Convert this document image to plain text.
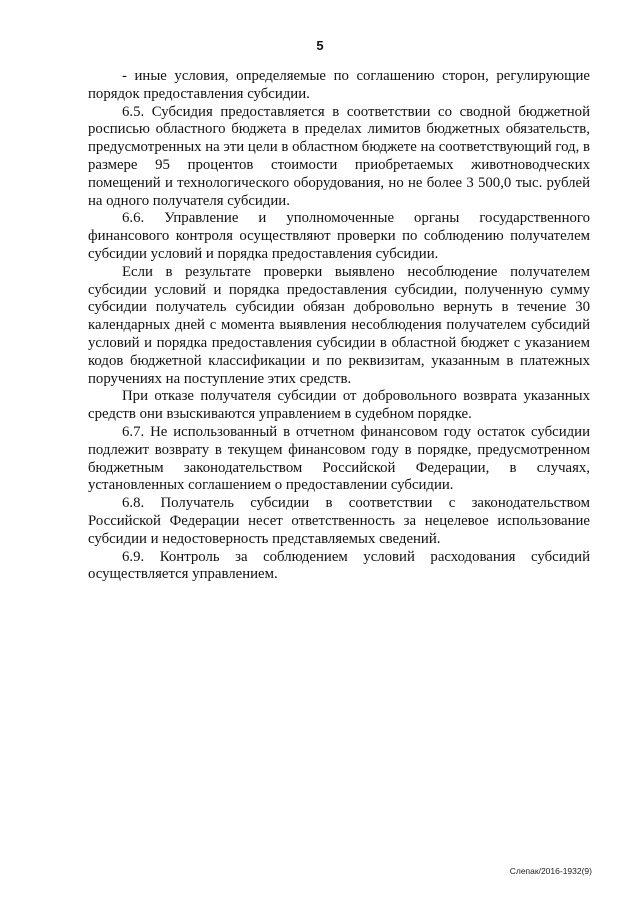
5

- иные условия, определяемые по соглашению сторон, регулирующие порядок предоставления субсидии.

6.5. Субсидия предоставляется в соответствии со сводной бюджетной росписью областного бюджета в пределах лимитов бюджетных обязательств, предусмотренных на эти цели в областном бюджете на соответствующий год, в размере 95 процентов стоимости приобретаемых животноводческих помещений и технологического оборудования, но не более 3 500,0 тыс. рублей на одного получателя субсидии.

6.6. Управление и уполномоченные органы государственного финансового контроля осуществляют проверки по соблюдению получателем субсидии условий и порядка предоставления субсидии.

Если в результате проверки выявлено несоблюдение получателем субсидии условий и порядка предоставления субсидии, полученную сумму субсидии получатель субсидии обязан добровольно вернуть в течение 30 календарных дней с момента выявления несоблюдения получателем субсидий условий и порядка предоставления субсидии в областной бюджет с указанием кодов бюджетной классификации и по реквизитам, указанным в платежных поручениях на поступление этих средств.

При отказе получателя субсидии от добровольного возврата указанных средств они взыскиваются управлением в судебном порядке.

6.7. Не использованный в отчетном финансовом году остаток субсидии подлежит возврату в текущем финансовом году в порядке, предусмотренном бюджетным законодательством Российской Федерации, в случаях, установленных соглашением о предоставлении субсидии.

6.8. Получатель субсидии в соответствии с законодательством Российской Федерации несет ответственность за нецелевое использование субсидии и недостоверность представляемых сведений.

6.9. Контроль за соблюдением условий расходования субсидий осуществляется управлением.

Слепак/2016-1932(9)
